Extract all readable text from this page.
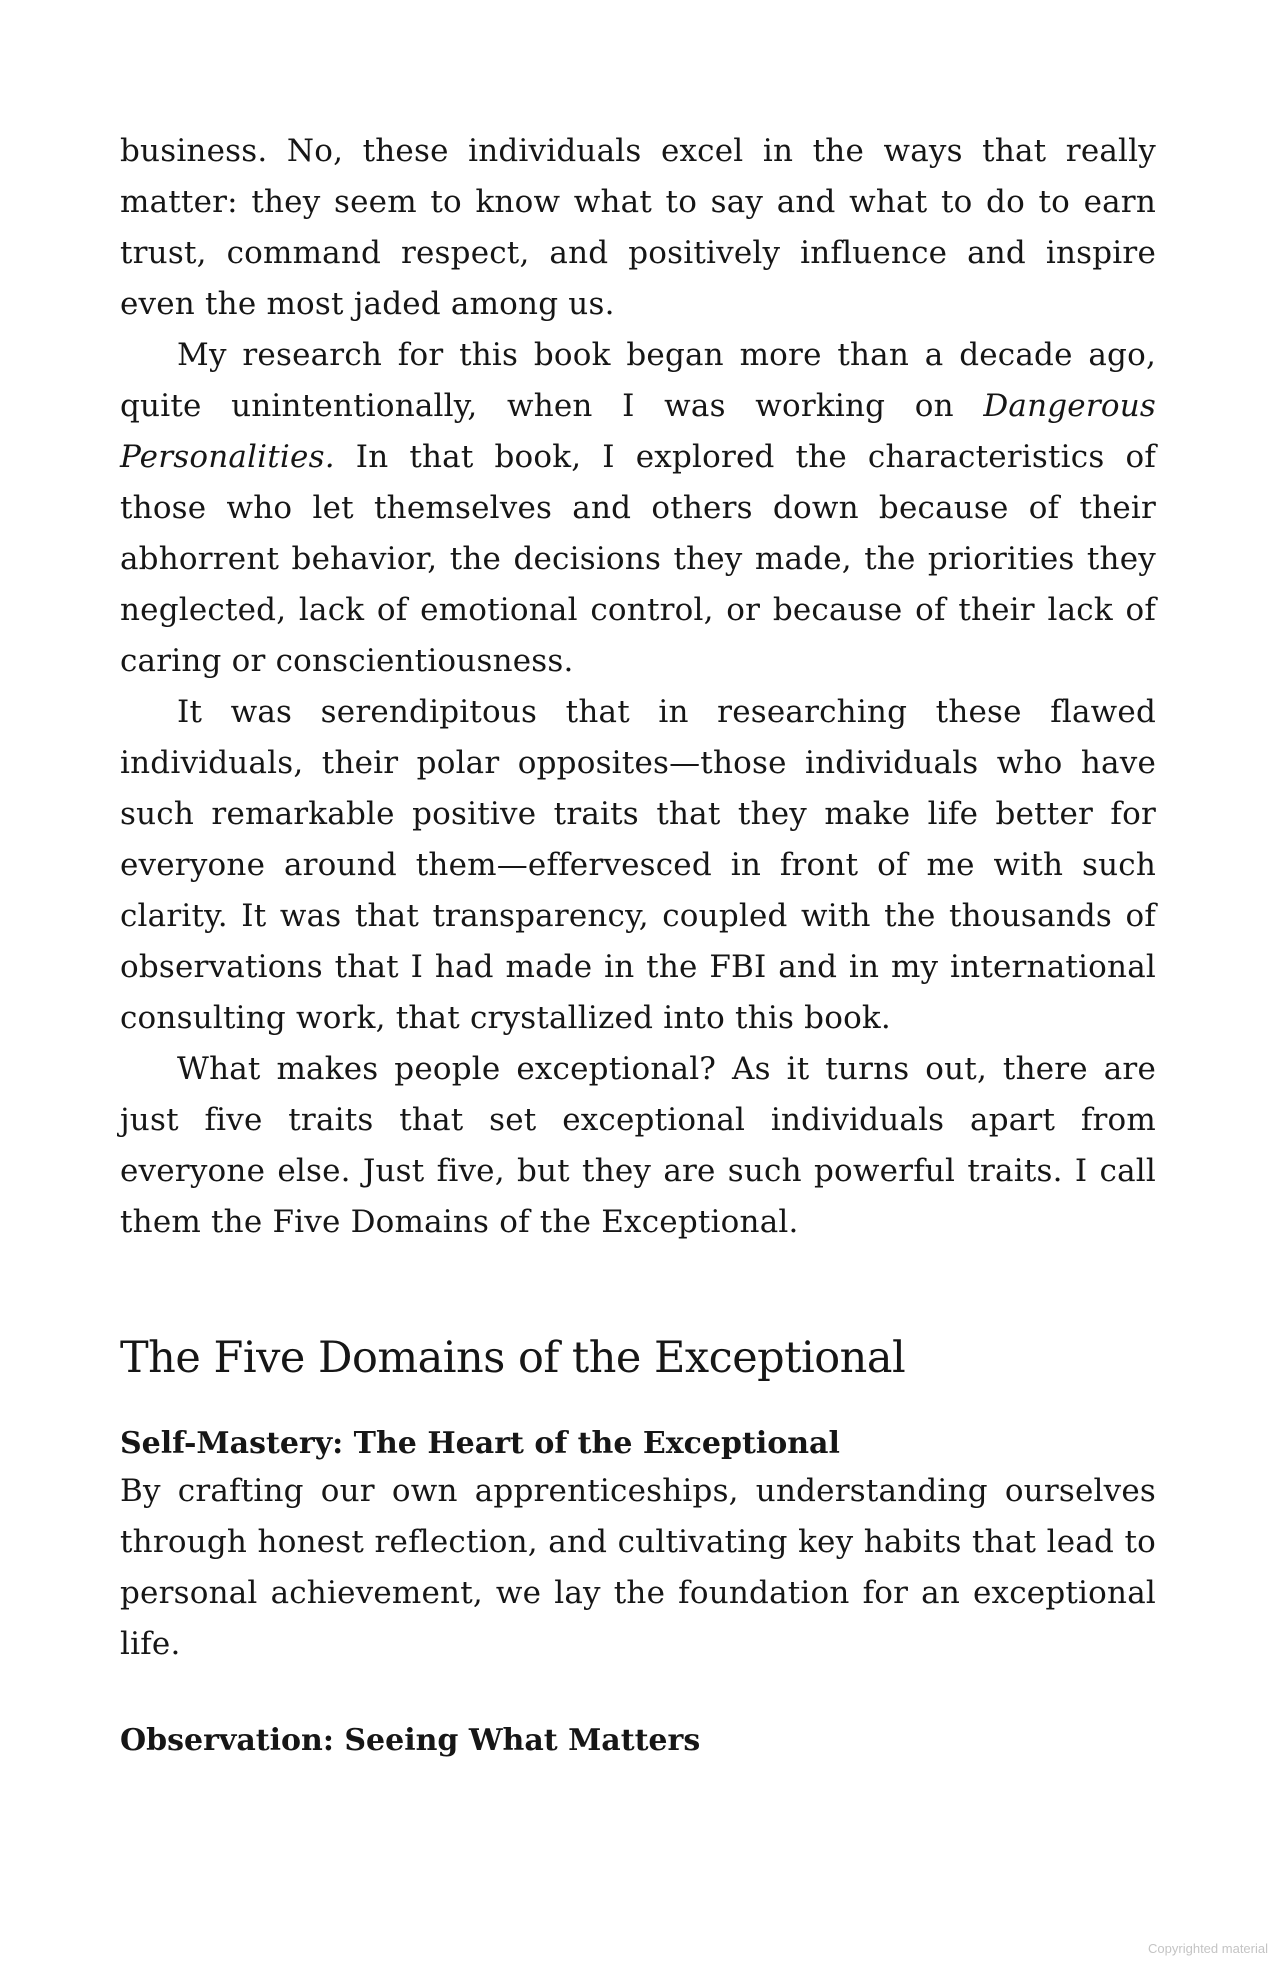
business. No, these individuals excel in the ways that really matter: they seem to know what to say and what to do to earn trust, command respect, and positively influence and inspire even the most jaded among us.

My research for this book began more than a decade ago, quite unintentionally, when I was working on Dangerous Personalities. In that book, I explored the characteristics of those who let themselves and others down because of their abhorrent behavior, the decisions they made, the priorities they neglected, lack of emotional control, or because of their lack of caring or conscientiousness.

It was serendipitous that in researching these flawed individuals, their polar opposites—those individuals who have such remarkable positive traits that they make life better for everyone around them—effervesced in front of me with such clarity. It was that transparency, coupled with the thousands of observations that I had made in the FBI and in my international consulting work, that crystallized into this book.

What makes people exceptional? As it turns out, there are just five traits that set exceptional individuals apart from everyone else. Just five, but they are such powerful traits. I call them the Five Domains of the Exceptional.

The Five Domains of the Exceptional
Self-Mastery: The Heart of the Exceptional

By crafting our own apprenticeships, understanding ourselves through honest reflection, and cultivating key habits that lead to personal achievement, we lay the foundation for an exceptional life.

Observation: Seeing What Matters
Copyrighted material
